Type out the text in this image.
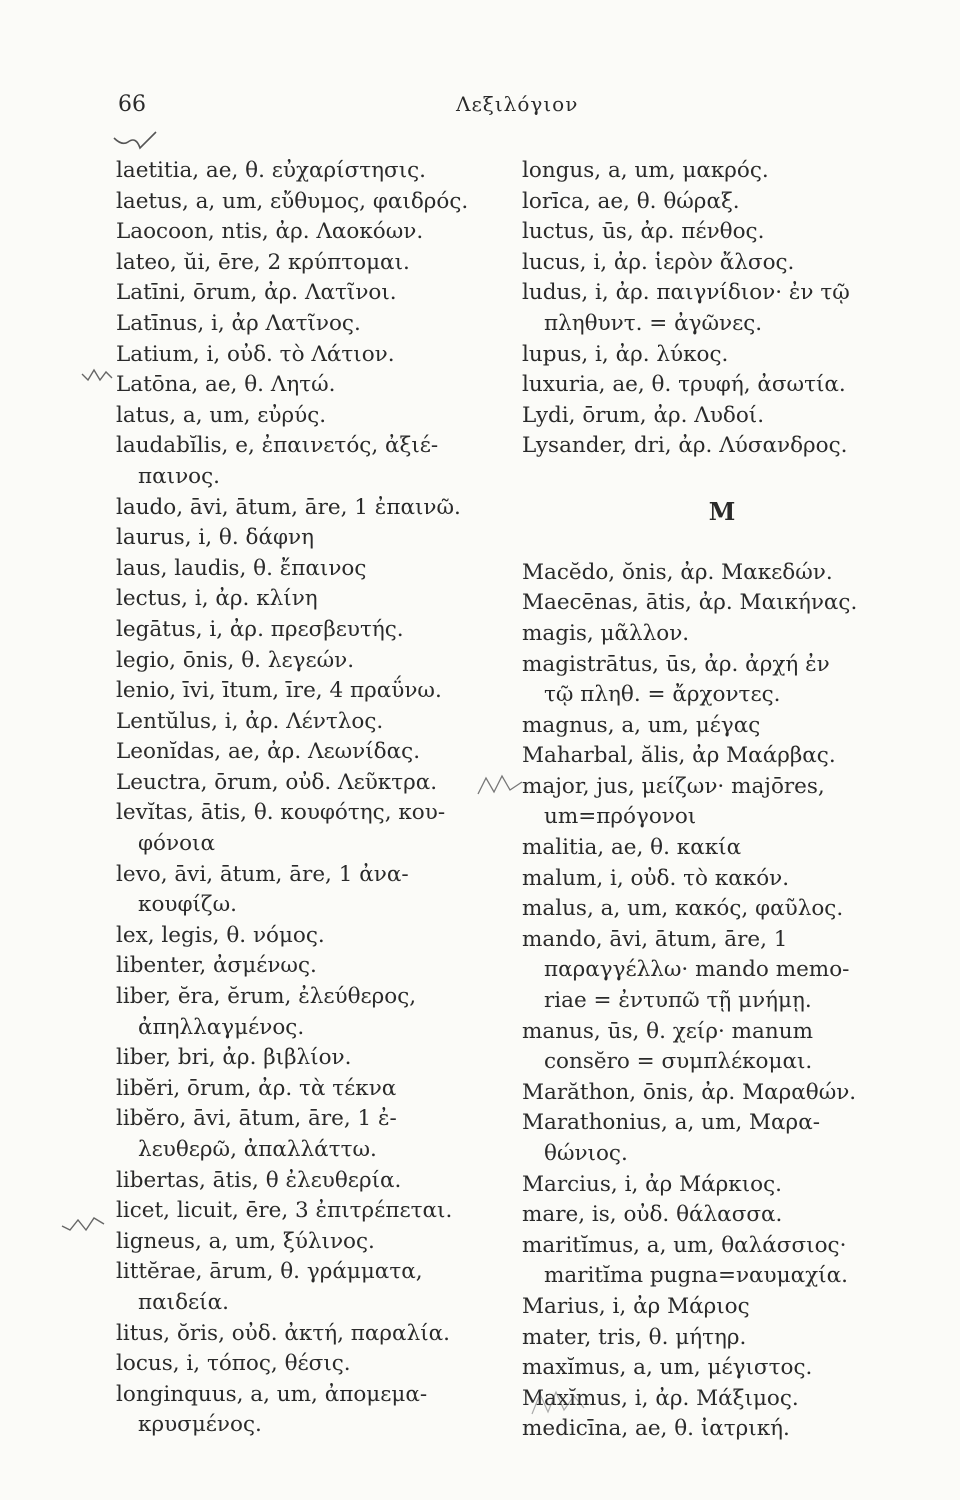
66	Λεξιλόγιον
laetitia, ae, θ. εὐχαρίστησις.
laetus, a, um, εὔθυμος, φαιδρός.
Laocoon, ntis, ἀρ. Λαοκόων.
lateo, ŭi, ēre, 2 κρύπτομαι.
Latīni, ōrum, ἀρ. Λατῖνοι.
Latīnus, i, ἀρ Λατῖνος.
Latium, i, οὐδ. τὸ Λάτιον.
Latōna, ae, θ. Λητώ.
latus, a, um, εὐρύς.
laudabĭlis, e, ἐπαινετός, ἀξιέ-
παινος.
laudo, āvi, ātum, āre, 1 ἐπαινῶ.
laurus, i, θ. δάφνη
laus, laudis, θ. ἔπαινος
lectus, i, ἀρ. κλίνη
legātus, i, ἀρ. πρεσβευτής.
legio, ōnis, θ. λεγεών.
lenio, īvi, ītum, īre, 4 πραΰνω.
Lentŭlus, i, ἀρ. Λέντλος.
Leonĭdas, ae, ἀρ. Λεωνίδας.
Leuctra, ōrum, οὐδ. Λεῦκτρα.
levĭtas, ātis, θ. κουφότης, κου-
φόνοια
levo, āvi, ātum, āre, 1 ἀνα-
κουφίζω.
lex, legis, θ. νόμος.
libenter, ἀσμένως.
liber, ĕra, ĕrum, ἐλεύθερος,
ἀπηλλαγμένος.
liber, bri, ἀρ. βιβλίον.
libĕri, ōrum, ἀρ. τὰ τέκνα
libĕro, āvi, ātum, āre, 1 ἐ-
λευθερῶ, ἀπαλλάττω.
libertas, ātis, θ ἐλευθερία.
licet, licuit, ēre, 3 ἐπιτρέπεται.
ligneus, a, um, ξύλινος.
littĕrae, ārum, θ. γράμματα,
παιδεία.
litus, ŏris, οὐδ. ἀκτή, παραλία.
locus, i, τόπος, θέσις.
longinquus, a, um, ἀπομεμα-
κρυσμένος.
longus, a, um, μακρός.
lorīca, ae, θ. θώραξ.
luctus, ūs, ἀρ. πένθος.
lucus, i, ἀρ. ἱερὸν ἄλσος.
ludus, i, ἀρ. παιγνίδιον· ἐν τῷ
πληθυντ. = ἀγῶνες.
lupus, i, ἀρ. λύκος.
luxuria, ae, θ. τρυφή, ἀσωτία.
Lydi, ōrum, ἀρ. Λυδοί.
Lysander, dri, ἀρ. Λύσανδρος.
M
Macĕdo, ŏnis, ἀρ. Μακεδών.
Maecēnas, ātis, ἀρ. Μαικήνας.
magis, μᾶλλον.
magistrātus, ūs, ἀρ. ἀρχή ἐν
τῷ πληθ. = ἄρχοντες.
magnus, a, um, μέγας
Maharbal, ălis, ἀρ Μαάρβας.
major, jus, μείζων· majōres,
um=πρόγονοι
malitia, ae, θ. κακία
malum, i, οὐδ. τὸ κακόν.
malus, a, um, κακός, φαῦλος.
mando, āvi, ātum, āre, 1
παραγγέλλω· mando memo-
riae = ἐντυπῶ τῇ μνήμῃ.
manus, ūs, θ. χείρ· manum
consĕro = συμπλέκομαι.
Marăthon, ōnis, ἀρ. Μαραθών.
Marathonius, a, um, Μαρα-
θώνιος.
Marcius, i, ἀρ Μάρκιος.
mare, is, οὐδ. θάλασσα.
maritĭmus, a, um, θαλάσσιος·
maritĭma pugna=ναυμαχία.
Marius, i, ἀρ Μάριος
mater, tris, θ. μήτηρ.
maxĭmus, a, um, μέγιστος.
Maxĭmus, i, ἀρ. Μάξιμος.
medicīna, ae, θ. ἰατρική.
